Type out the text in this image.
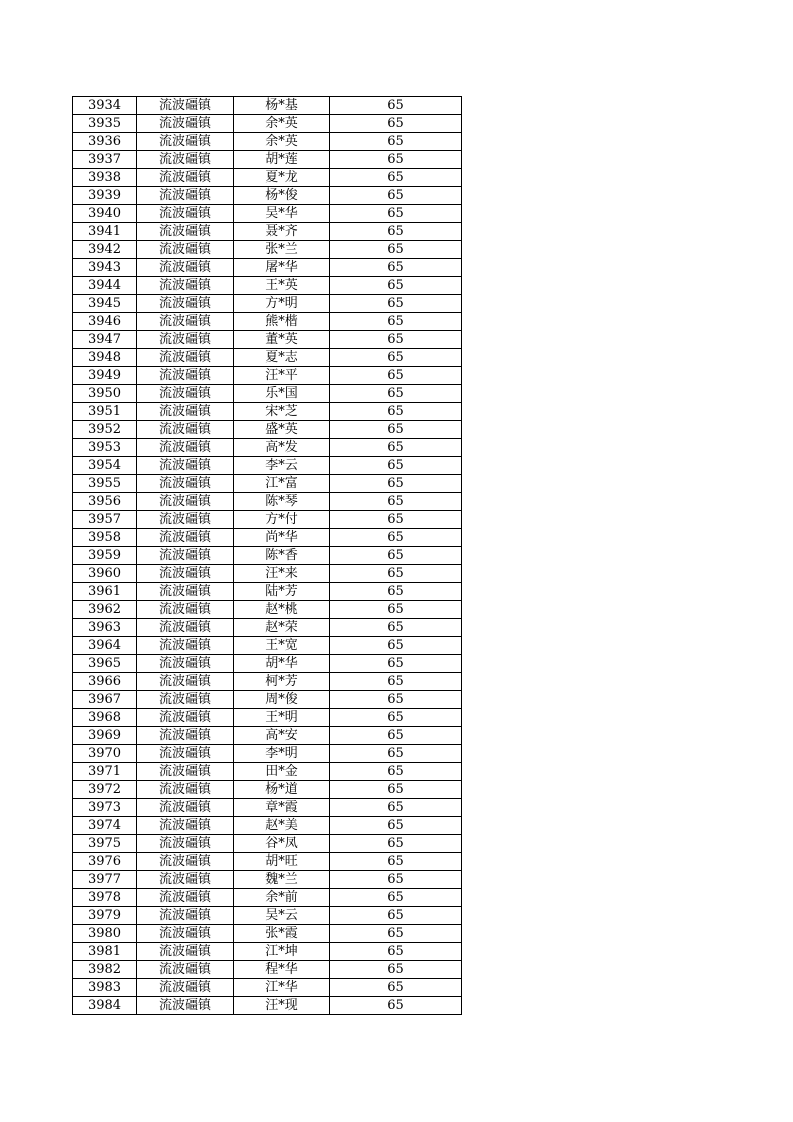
3934	流波礓镇	杨*基	65
3935	流波礓镇	余*英	65
3936	流波礓镇	余*英	65
3937	流波礓镇	胡*莲	65
3938	流波礓镇	夏*龙	65
3939	流波礓镇	杨*俊	65
3940	流波礓镇	吴*华	65
3941	流波礓镇	聂*齐	65
3942	流波礓镇	张*兰	65
3943	流波礓镇	屠*华	65
3944	流波礓镇	王*英	65
3945	流波礓镇	方*明	65
3946	流波礓镇	熊*楷	65
3947	流波礓镇	董*英	65
3948	流波礓镇	夏*志	65
3949	流波礓镇	汪*平	65
3950	流波礓镇	乐*国	65
3951	流波礓镇	宋*芝	65
3952	流波礓镇	盛*英	65
3953	流波礓镇	高*发	65
3954	流波礓镇	李*云	65
3955	流波礓镇	江*富	65
3956	流波礓镇	陈*琴	65
3957	流波礓镇	方*付	65
3958	流波礓镇	尚*华	65
3959	流波礓镇	陈*香	65
3960	流波礓镇	汪*来	65
3961	流波礓镇	陆*芳	65
3962	流波礓镇	赵*桃	65
3963	流波礓镇	赵*荣	65
3964	流波礓镇	王*宽	65
3965	流波礓镇	胡*华	65
3966	流波礓镇	柯*芳	65
3967	流波礓镇	周*俊	65
3968	流波礓镇	王*明	65
3969	流波礓镇	高*安	65
3970	流波礓镇	李*明	65
3971	流波礓镇	田*金	65
3972	流波礓镇	杨*道	65
3973	流波礓镇	章*霞	65
3974	流波礓镇	赵*美	65
3975	流波礓镇	谷*凤	65
3976	流波礓镇	胡*旺	65
3977	流波礓镇	魏*兰	65
3978	流波礓镇	余*前	65
3979	流波礓镇	吴*云	65
3980	流波礓镇	张*霞	65
3981	流波礓镇	江*坤	65
3982	流波礓镇	程*华	65
3983	流波礓镇	江*华	65
3984	流波礓镇	汪*现	65
